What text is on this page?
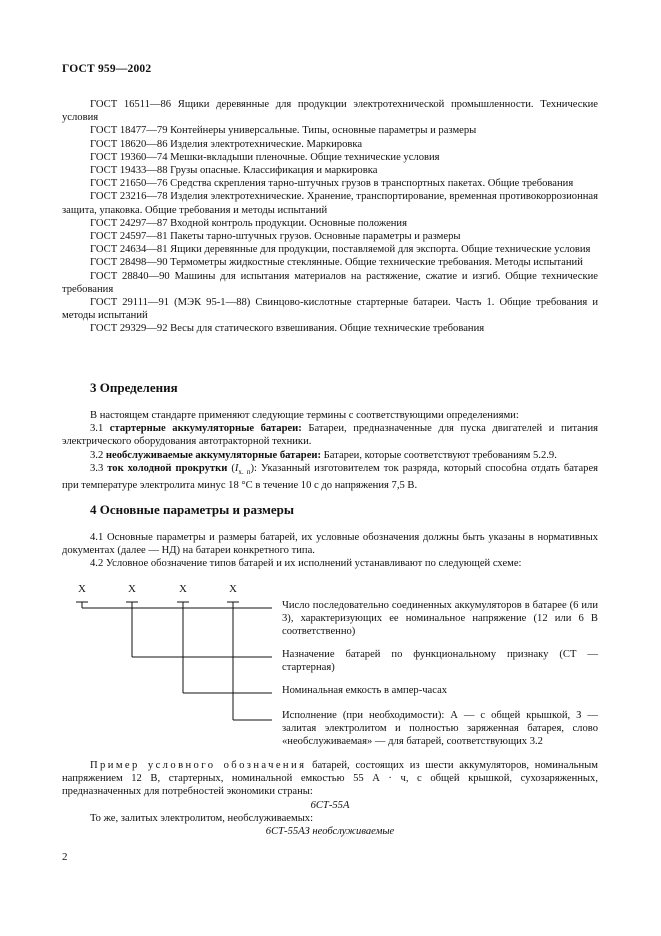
ГОСТ 959—2002

ГОСТ 16511—86 Ящики деревянные для продукции электротехнической промышленности. Технические условия

ГОСТ 18477—79 Контейнеры универсальные. Типы, основные параметры и размеры

ГОСТ 18620—86 Изделия электротехнические. Маркировка

ГОСТ 19360—74 Мешки-вкладыши пленочные. Общие технические условия

ГОСТ 19433—88 Грузы опасные. Классификация и маркировка

ГОСТ 21650—76 Средства скрепления тарно-штучных грузов в транспортных пакетах. Общие требования

ГОСТ 23216—78 Изделия электротехнические. Хранение, транспортирование, временная противокоррозионная защита, упаковка. Общие требования и методы испытаний

ГОСТ 24297—87 Входной контроль продукции. Основные положения

ГОСТ 24597—81 Пакеты тарно-штучных грузов. Основные параметры и размеры

ГОСТ 24634—81 Ящики деревянные для продукции, поставляемой для экспорта. Общие технические условия

ГОСТ 28498—90 Термометры жидкостные стеклянные. Общие технические требования. Методы испытаний

ГОСТ 28840—90 Машины для испытания материалов на растяжение, сжатие и изгиб. Общие технические требования

ГОСТ 29111—91 (МЭК 95-1—88) Свинцово-кислотные стартерные батареи. Часть 1. Общие требования и методы испытаний

ГОСТ 29329—92 Весы для статического взвешивания. Общие технические требования

3 Определения

В настоящем стандарте применяют следующие термины с соответствующими определениями:

3.1 стартерные аккумуляторные батареи: Батареи, предназначенные для пуска двигателей и питания электрического оборудования автотракторной техники.

3.2 необслуживаемые аккумуляторные батареи: Батареи, которые соответствуют требованиям 5.2.9.

3.3 ток холодной прокрутки $(I_{х. п})$: Указанный изготовителем ток разряда, который способна отдать батарея при температуре электролита минус 18 °С в течение 10 с до напряжения 7,5 В.

4 Основные параметры и размеры

4.1 Основные параметры и размеры батарей, их условные обозначения должны быть указаны в нормативных документах (далее — НД) на батареи конкретного типа.

4.2 Условное обозначение типов батарей и их исполнений устанавливают по следующей схеме:

Х	Х	Х	Х
Число последовательно соединенных аккумуляторов в батарее (6 или 3), характеризующих ее номинальное напряжение (12 или 6 В соответственно)
Назначение батарей по функциональному признаку (СТ — стартерная)
Номинальная емкость в ампер-часах
Исполнение (при необходимости): А — с общей крышкой, З — залитая электролитом и полностью заряженная батарея, слово «необслуживаемая» — для батарей, соответствующих 3.2

Пример условного обозначения батарей, состоящих из шести аккумуляторов, номинальным напряжением 12 В, стартерных, номинальной емкостью 55 А · ч, с общей крышкой, сухозаряженных, предназначенных для потребностей экономики страны:

6СТ-55А

То же, залитых электролитом, необслуживаемых:

6СТ-55АЗ необслуживаемые

2
